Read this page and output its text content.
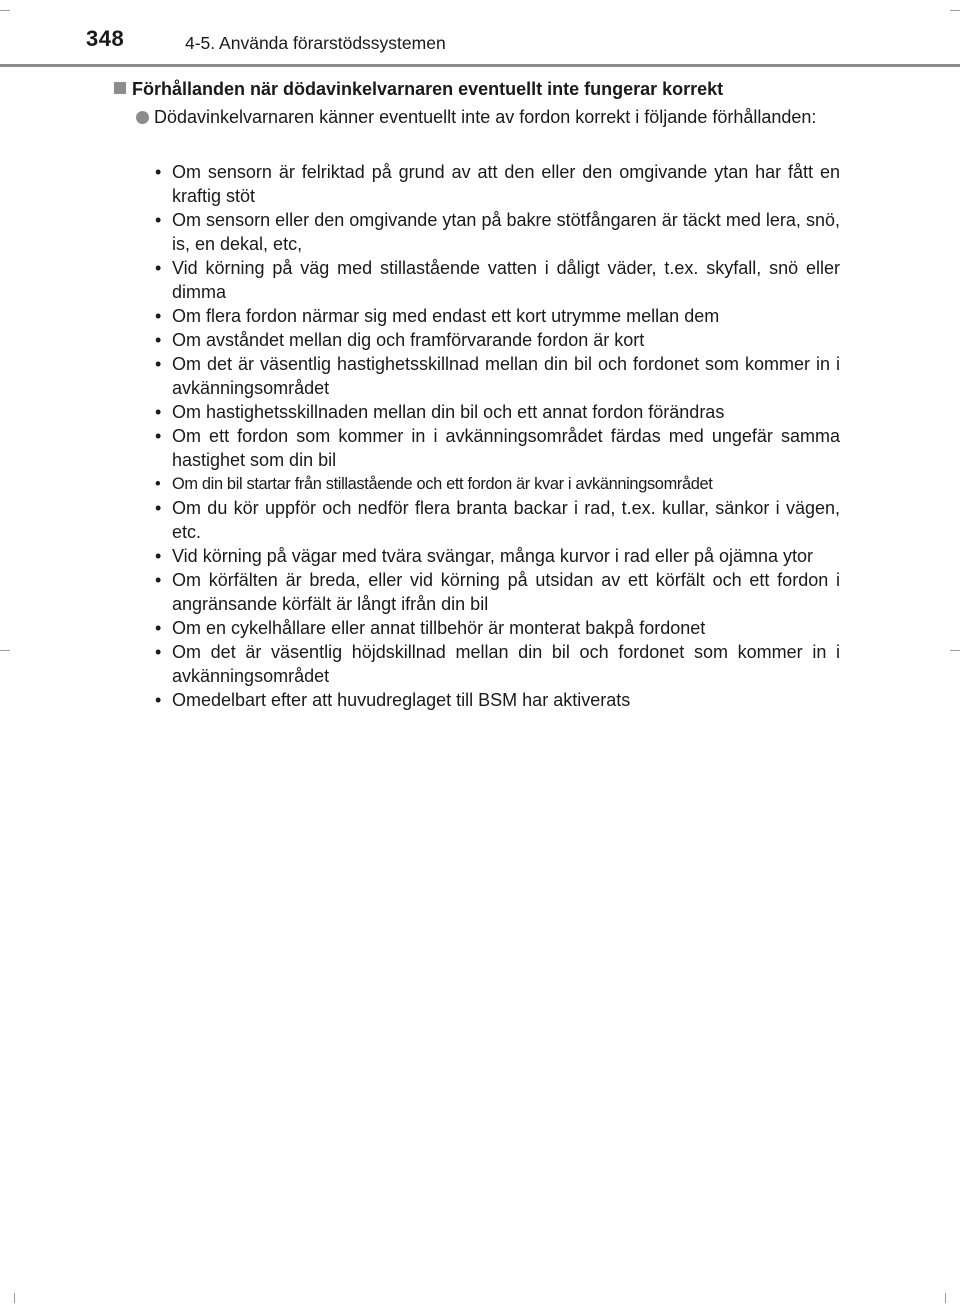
348	4-5. Använda förarstödssystemen
Förhållanden när dödavinkelvarnaren eventuellt inte fungerar korrekt
Dödavinkelvarnaren känner eventuellt inte av fordon korrekt i följande förhållanden:
• Om sensorn är felriktad på grund av att den eller den omgivande ytan har fått en kraftig stöt
• Om sensorn eller den omgivande ytan på bakre stötfångaren är täckt med lera, snö, is, en dekal, etc,
• Vid körning på väg med stillastående vatten i dåligt väder, t.ex. skyfall, snö eller dimma
• Om flera fordon närmar sig med endast ett kort utrymme mellan dem
• Om avståndet mellan dig och framförvarande fordon är kort
• Om det är väsentlig hastighetsskillnad mellan din bil och fordonet som kommer in i avkänningsområdet
• Om hastighetsskillnaden mellan din bil och ett annat fordon förändras
• Om ett fordon som kommer in i avkänningsområdet färdas med ungefär samma hastighet som din bil
• Om din bil startar från stillastående och ett fordon är kvar i avkänningsområdet
• Om du kör uppför och nedför flera branta backar i rad, t.ex. kullar, sänkor i vägen, etc.
• Vid körning på vägar med tvära svängar, många kurvor i rad eller på ojämna ytor
• Om körfälten är breda, eller vid körning på utsidan av ett körfält och ett fordon i angränsande körfält är långt ifrån din bil
• Om en cykelhållare eller annat tillbehör är monterat bakpå fordonet
• Om det är väsentlig höjdskillnad mellan din bil och fordonet som kommer in i avkänningsområdet
• Omedelbart efter att huvudreglaget till BSM har aktiverats
